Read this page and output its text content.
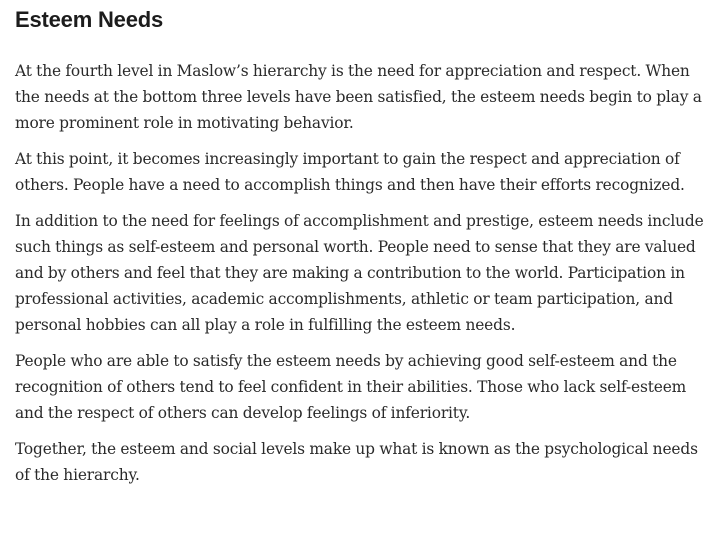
Esteem Needs

At the fourth level in Maslow’s hierarchy is the need for appreciation and respect. When the needs at the bottom three levels have been satisfied, the esteem needs begin to play a more prominent role in motivating behavior.

At this point, it becomes increasingly important to gain the respect and appreciation of others. People have a need to accomplish things and then have their efforts recognized.

In addition to the need for feelings of accomplishment and prestige, esteem needs include such things as self-esteem and personal worth. People need to sense that they are valued and by others and feel that they are making a contribution to the world. Participation in professional activities, academic accomplishments, athletic or team participation, and personal hobbies can all play a role in fulfilling the esteem needs.

People who are able to satisfy the esteem needs by achieving good self-esteem and the recognition of others tend to feel confident in their abilities. Those who lack self-esteem and the respect of others can develop feelings of inferiority.

Together, the esteem and social levels make up what is known as the psychological needs of the hierarchy.
